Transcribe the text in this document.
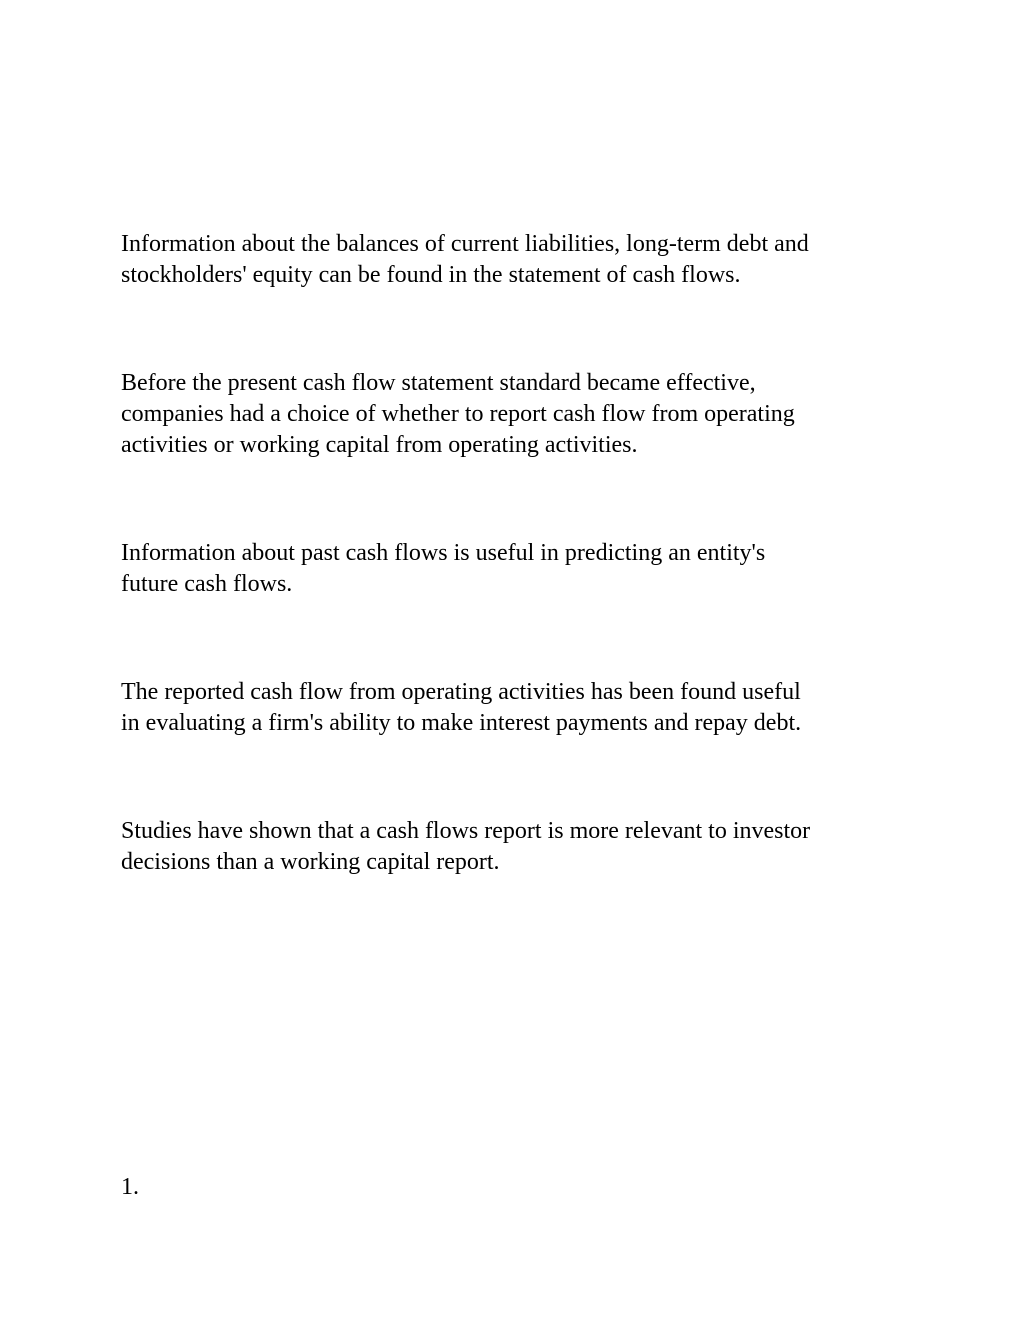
Information about the balances of current liabilities, long-term debt and
stockholders' equity can be found in the statement of cash flows.

Before the present cash flow statement standard became effective,
companies had a choice of whether to report cash flow from operating
activities or working capital from operating activities.

Information about past cash flows is useful in predicting an entity's
future cash flows.

The reported cash flow from operating activities has been found useful
in evaluating a firm's ability to make interest payments and repay debt.

Studies have shown that a cash flows report is more relevant to investor
decisions than a working capital report.

1.
